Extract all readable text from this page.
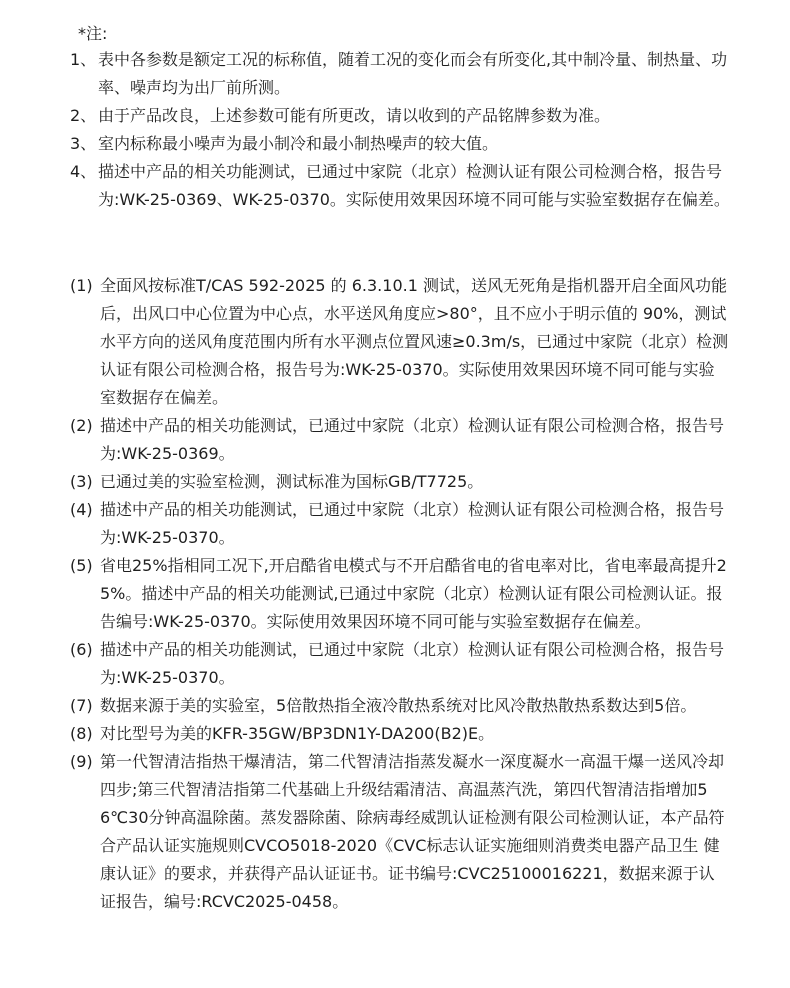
*注:
1、 表中各参数是额定工况的标称值，随着工况的变化而会有所变化,其中制冷量、制热量、功率、噪声均为出厂前所测。
2、 由于产品改良，上述参数可能有所更改，请以收到的产品铭牌参数为准。
3、 室内标称最小噪声为最小制冷和最小制热噪声的较大值。
4、 描述中产品的相关功能测试，已通过中家院（北京）检测认证有限公司检测合格，报告号为:WK-25-0369、WK-25-0370。实际使用效果因环境不同可能与实验室数据存在偏差。
(1) 全面风按标准T/CAS 592-2025 的 6.3.10.1 测试，送风无死角是指机器开启全面风功能后，出风口中心位置为中心点，水平送风角度应>80°，且不应小于明示值的 90%，测试水平方向的送风角度范围内所有水平测点位置风速≥0.3m/s，已通过中家院（北京）检测认证有限公司检测合格，报告号为:WK-25-0370。实际使用效果因环境不同可能与实验室数据存在偏差。
(2) 描述中产品的相关功能测试，已通过中家院（北京）检测认证有限公司检测合格，报告号为:WK-25-0369。
(3) 已通过美的实验室检测，测试标准为国标GB/T7725。
(4) 描述中产品的相关功能测试，已通过中家院（北京）检测认证有限公司检测合格，报告号为:WK-25-0370。
(5) 省电25%指相同工况下,开启酷省电模式与不开启酷省电的省电率对比，省电率最高提升25%。描述中产品的相关功能测试,已通过中家院（北京）检测认证有限公司检测认证。报告编号:WK-25-0370。实际使用效果因环境不同可能与实验室数据存在偏差。
(6) 描述中产品的相关功能测试，已通过中家院（北京）检测认证有限公司检测合格，报告号为:WK-25-0370。
(7) 数据来源于美的实验室，5倍散热指全液冷散热系统对比风冷散热散热系数达到5倍。
(8) 对比型号为美的KFR-35GW/BP3DN1Y-DA200(B2)E。
(9) 第一代智清洁指热干爆清洁，第二代智清洁指蒸发凝水一深度凝水一高温干爆一送风冷却四步;第三代智清洁指第二代基础上升级结霜清洁、高温蒸汽洗，第四代智清洁指增加56℃30分钟高温除菌。蒸发器除菌、除病毒经威凯认证检测有限公司检测认证，本产品符合产品认证实施规则CVCO5018-2020《CVC标志认证实施细则消费类电器产品卫生 健康认证》的要求，并获得产品认证证书。证书编号:CVC25100016221，数据来源于认证报告，编号:RCVC2025-0458。
